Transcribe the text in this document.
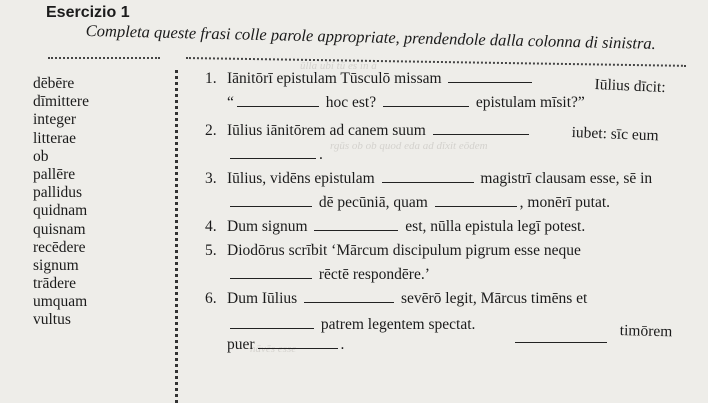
ūlla ubi tū es in ā
rgūs ob ob quod eda ad dīxit eōdem
nāvēs esse
Esercizio 1
Completa queste frasi colle parole appropriate, prendendole dalla colonna di sinistra.
dēbēre
dīmittere
integer
litterae
ob
pallēre
pallidus
quidnam
quisnam
recēdere
signum
trādere
umquam
vultus
1. Iānitōrī epistulam Tūsculō missam	Iūlius dīcit:
“	hoc est?	epistulam mīsit?”
2. Iūlius iānitōrem ad canem suum	iubet: sīc eum
.
3. Iūlius, vidēns epistulam	magistrī clausam esse, sē in
dē pecūniā, quam	, monērī putat.
4. Dum signum	est, nūlla epistula legī potest.
5. Diodōrus scrībit ‘Mārcum discipulum pigrum esse neque
rēctē respondēre.’
6. Dum Iūlius	sevērō legit, Mārcus timēns et
patrem legentem spectat.	timōrem
puer	.
